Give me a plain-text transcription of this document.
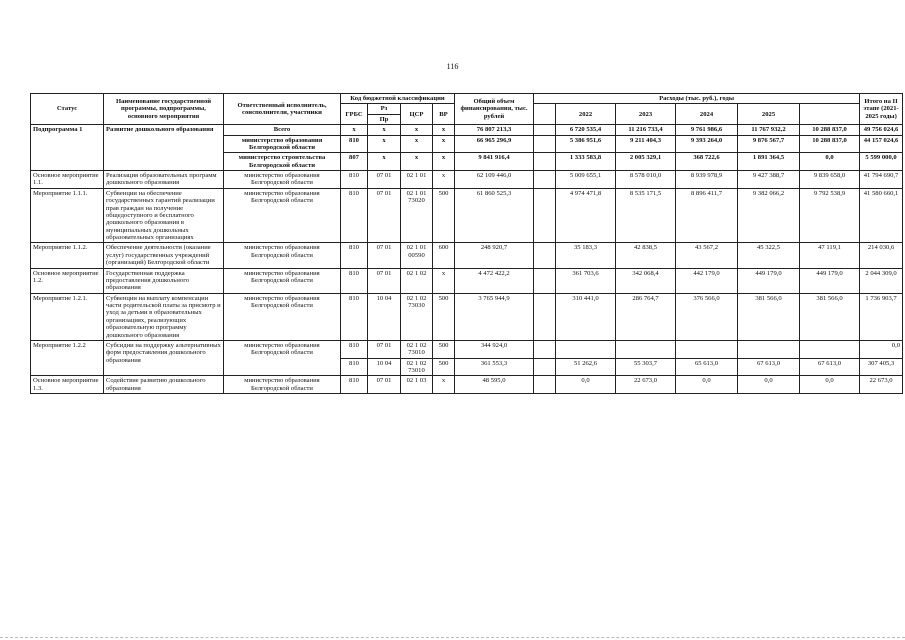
116
Статус	Наименование государственной программы, подпрограммы, основного мероприятия	Ответственный исполнитель, соисполнители, участники	Код бюджетной классификации				Общий объем финансирования, тыс. рублей	Расходы (тыс. руб.), годы						Итого на II этапе (2021-2025 годы)
			ГРБС	Рз	ЦСР	ВР			2022	2023	2024	2025		
				Пр										
Подпрограмма 1	Развитие дошкольного образования	Всего	х	х	х	х	76 807 213,3		6 720 535,4	11 216 733,4	9 761 986,6	11 767 932,2	10 288 837,0	49 756 024,6
		министерство образования Белгородской области	810	х	х	х	66 965 296,9		5 386 951,6	9 211 404,3	9 393 264,0	9 876 567,7	10 288 837,0	44 157 024,6
		министерство строительства Белгородской области	807	х	х	х	9 841 916,4		1 333 583,8	2 005 329,1	368 722,6	1 891 364,5	0,0	5 599 000,0
Основное мероприятие 1.1.	Реализация образовательных программ дошкольного образования	министерство образования Белгородской области	810	07 01	02 1 01	х	62 109 446,0		5 009 655,1	8 578 010,0	8 939 978,9	9 427 388,7	9 839 658,0	41 794 690,7
Мероприятие 1.1.1.	Субвенции на обеспечение государственных гарантий реализации прав граждан на получение общедоступного и бесплатного дошкольного образования в муниципальных дошкольных образовательных организациях	министерство образования Белгородской области	810	07 01	02 1 01 73020	500	61 860 525,3		4 974 471,8	8 535 171,5	8 896 411,7	9 382 066,2	9 792 538,9	41 580 660,1
Мероприятие 1.1.2.	Обеспечение деятельности (оказание услуг) государственных учреждений (организаций) Белгородской области	министерство образования Белгородской области	810	07 01	02 1 01 00590	600	248 920,7		35 183,3	42 838,5	43 567,2	45 322,5	47 119,1	214 030,6
Основное мероприятие 1.2.	Государственная поддержка предоставления дошкольного образования	министерство образования Белгородской области	810	07 01	02 1 02	х	4 472 422,2		361 703,6	342 068,4	442 179,0	449 179,0	449 179,0	2 044 309,0
Мероприятие 1.2.1.	Субвенции на выплату компенсации части родительской платы за присмотр и уход за детьми в образовательных организациях, реализующих образовательную программу дошкольного образования	министерство образования Белгородской области	810	10 04	02 1 02 73030	500	3 765 944,9		310 441,0	286 764,7	376 566,0	381 566,0	381 566,0	1 736 903,7
Мероприятие 1.2.2	Субсидии на поддержку альтернативных форм предоставления дошкольного образования	министерство образования Белгородской области	810	07 01	02 1 02 73010	500	344 924,0							0,0
			810	10 04	02 1 02 73010	500	361 553,3		51 262,6	55 303,7	65 613,0	67 613,0	67 613,0	307 405,3
Основное мероприятие 1.3.	Содействие развитию дошкольного образования	министерство образования Белгородской области	810	07 01	02 1 03	х	48 595,0		0,0	22 673,0	0,0	0,0	0,0	22 673,0
